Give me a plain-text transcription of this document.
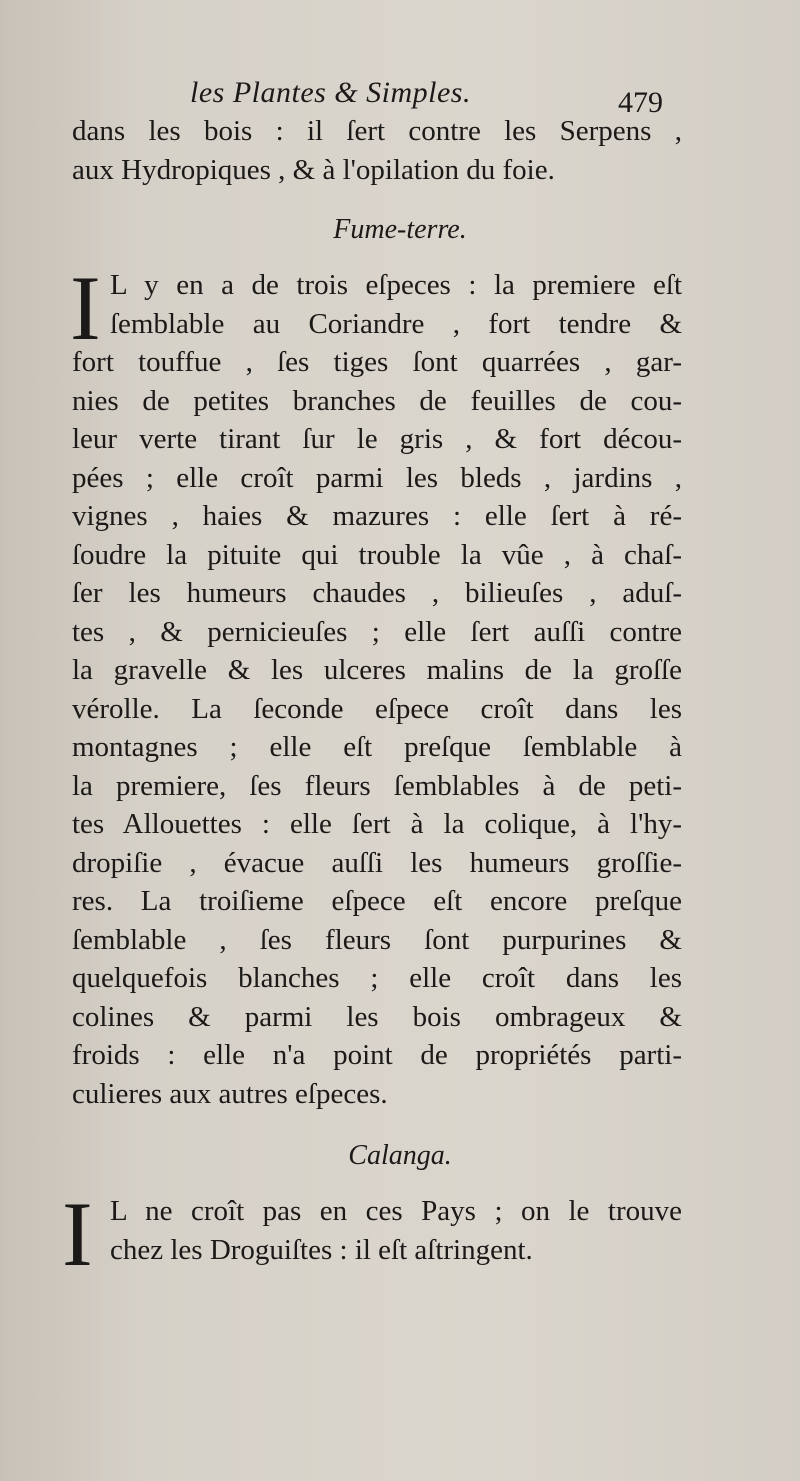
les Plantes & Simples.	479
dans les bois : il ſert contre les Serpens ,
aux Hydropiques , & à l'opilation du foie.
Fume-terre.
I L y en a de trois eſpeces : la premiere eſt
ſemblable au Coriandre , fort tendre &
fort touffue , ſes tiges ſont quarrées , gar-
nies de petites branches de feuilles de cou-
leur verte tirant ſur le gris , & fort décou-
pées ; elle croît parmi les bleds , jardins ,
vignes , haies & mazures : elle ſert à ré-
ſoudre la pituite qui trouble la vûe , à chaſ-
ſer les humeurs chaudes , bilieuſes , aduſ-
tes , & pernicieuſes ; elle ſert auſſi contre
la gravelle & les ulceres malins de la groſſe
vérolle. La ſeconde eſpece croît dans les
montagnes ; elle eſt preſque ſemblable à
la premiere, ſes fleurs ſemblables à de peti-
tes Allouettes : elle ſert à la colique, à l'hy-
dropiſie , évacue auſſi les humeurs groſſie-
res. La troiſieme eſpece eſt encore preſque
ſemblable , ſes fleurs ſont purpurines &
quelquefois blanches ; elle croît dans les
colines & parmi les bois ombrageux &
froids : elle n'a point de propriétés parti-
culieres aux autres eſpeces.
Calanga.
I L ne croît pas en ces Pays ; on le trouve
chez les Droguiſtes : il eſt aſtringent.
